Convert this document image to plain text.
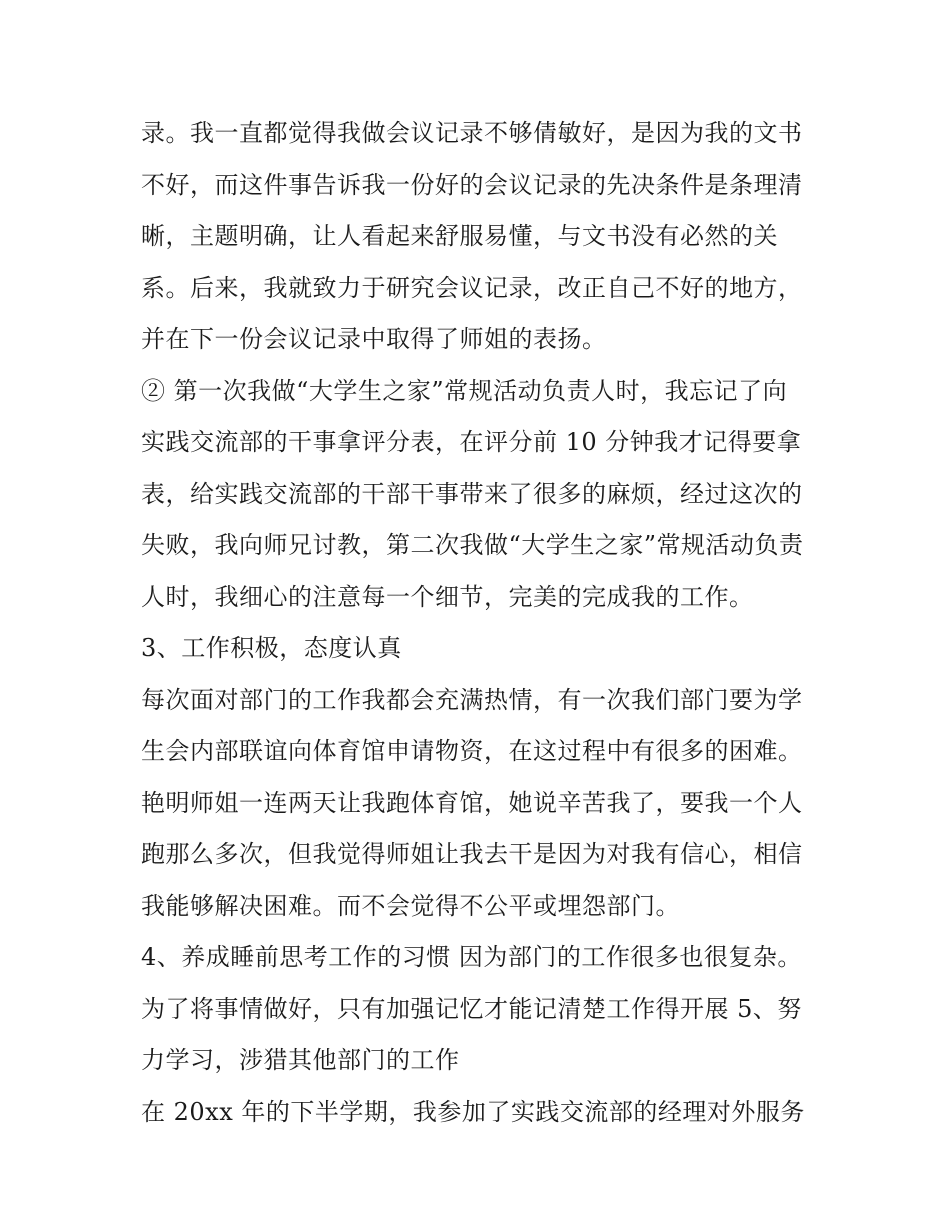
录。我一直都觉得我做会议记录不够倩敏好，是因为我的文书
不好，而这件事告诉我一份好的会议记录的先决条件是条理清
晰，主题明确，让人看起来舒服易懂，与文书没有必然的关
系。后来，我就致力于研究会议记录，改正自己不好的地方，
并在下一份会议记录中取得了师姐的表扬。
② 第一次我做“大学生之家”常规活动负责人时，我忘记了向
实践交流部的干事拿评分表，在评分前 10 分钟我才记得要拿
表，给实践交流部的干部干事带来了很多的麻烦，经过这次的
失败，我向师兄讨教，第二次我做“大学生之家”常规活动负责
人时，我细心的注意每一个细节，完美的完成我的工作。
3、工作积极，态度认真
每次面对部门的工作我都会充满热情，有一次我们部门要为学
生会内部联谊向体育馆申请物资，在这过程中有很多的困难。
艳明师姐一连两天让我跑体育馆，她说辛苦我了，要我一个人
跑那么多次，但我觉得师姐让我去干是因为对我有信心，相信
我能够解决困难。而不会觉得不公平或埋怨部门。
4、养成睡前思考工作的习惯 因为部门的工作很多也很复杂。
为了将事情做好，只有加强记忆才能记清楚工作得开展 5、努
力学习，涉猎其他部门的工作
在 20xx 年的下半学期，我参加了实践交流部的经理对外服务
